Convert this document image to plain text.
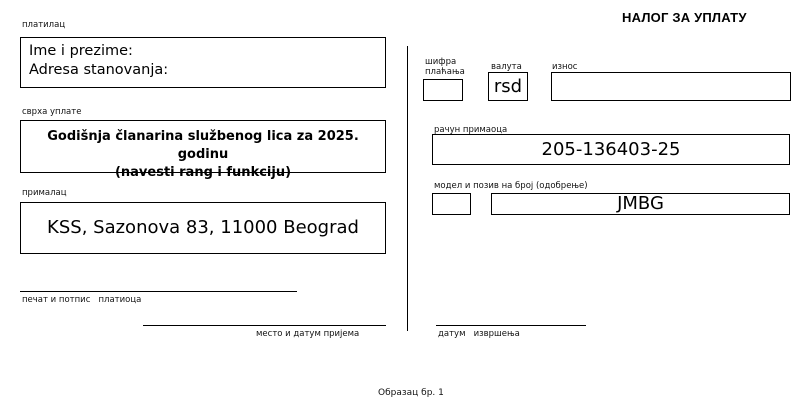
НАЛОГ ЗА УПЛАТУ
платилац
Ime i prezime:
Adresa stanovanja:
сврха уплате
Godišnja članarina službenog lica za 2025. godinu
(navesti rang i funkciju)
прималац
KSS, Sazonova 83, 11000 Beograd
печат и потпис   платиоца
место и датум пријема
шифра
плаћања	валута
rsd
износ
рачун примаоца
205-136403-25
модел и позив на број (одобрење)
JMBG
датум   извршења
Образац бр. 1
